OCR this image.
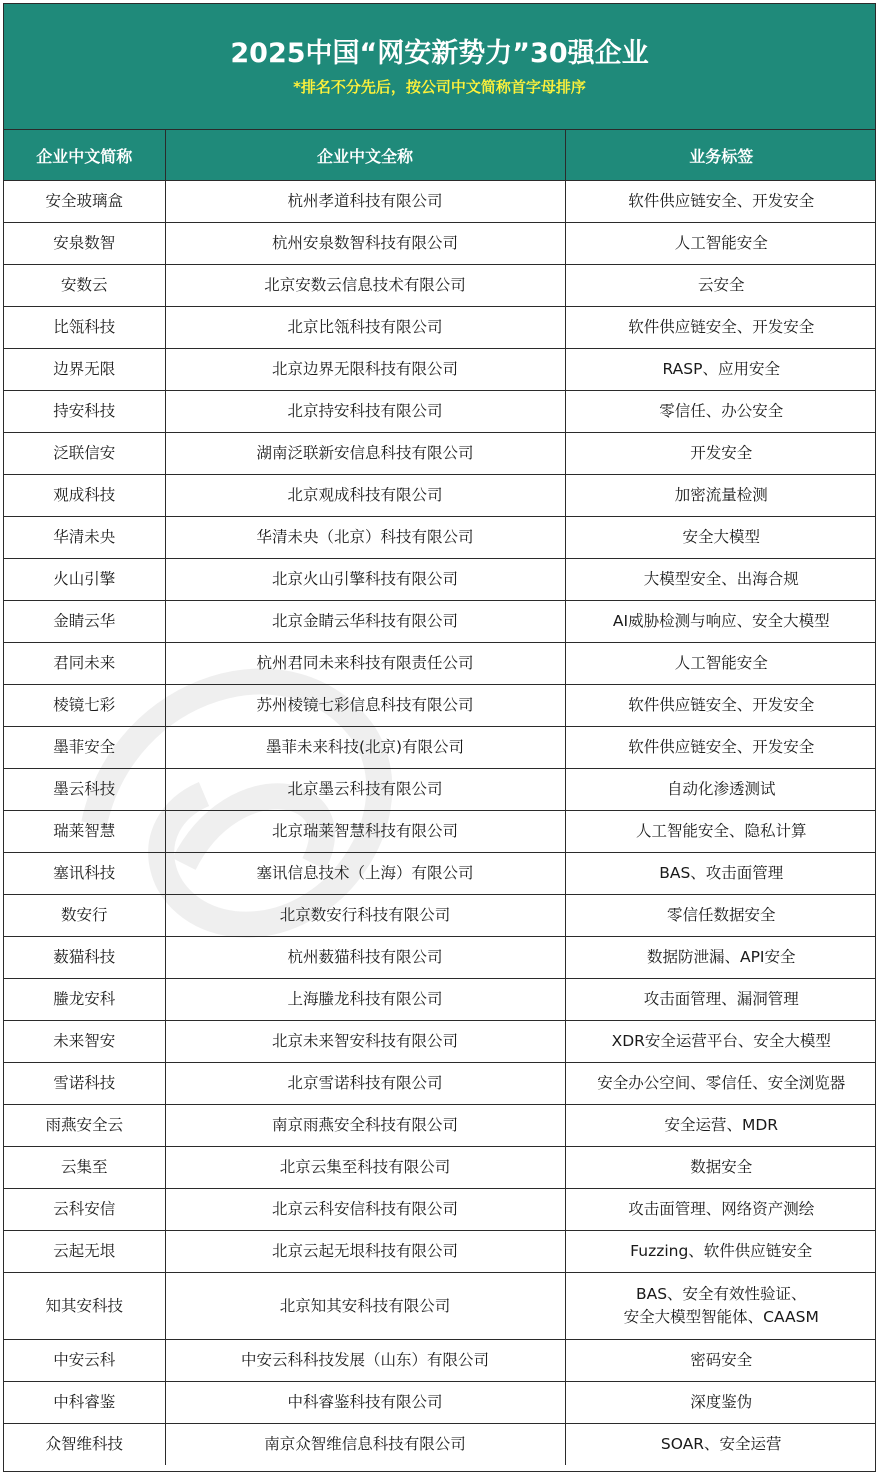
2025中国“网安新势力”30强企业
*排名不分先后，按公司中文简称首字母排序
企业中文简称	企业中文全称	业务标签
安全玻璃盒	杭州孝道科技有限公司	软件供应链安全、开发安全

安泉数智	杭州安泉数智科技有限公司	人工智能安全

安数云	北京安数云信息技术有限公司	云安全

比瓴科技	北京比瓴科技有限公司	软件供应链安全、开发安全

边界无限	北京边界无限科技有限公司	RASP、应用安全

持安科技	北京持安科技有限公司	零信任、办公安全

泛联信安	湖南泛联新安信息科技有限公司	开发安全

观成科技	北京观成科技有限公司	加密流量检测

华清未央	华清未央（北京）科技有限公司	安全大模型

火山引擎	北京火山引擎科技有限公司	大模型安全、出海合规

金睛云华	北京金睛云华科技有限公司	AI威胁检测与响应、安全大模型

君同未来	杭州君同未来科技有限责任公司	人工智能安全

棱镜七彩	苏州棱镜七彩信息科技有限公司	软件供应链安全、开发安全

墨菲安全	墨菲未来科技(北京)有限公司	软件供应链安全、开发安全

墨云科技	北京墨云科技有限公司	自动化渗透测试

瑞莱智慧	北京瑞莱智慧科技有限公司	人工智能安全、隐私计算

塞讯科技	塞讯信息技术（上海）有限公司	BAS、攻击面管理

数安行	北京数安行科技有限公司	零信任数据安全

薮猫科技	杭州薮猫科技有限公司	数据防泄漏、API安全

螣龙安科	上海螣龙科技有限公司	攻击面管理、漏洞管理

未来智安	北京未来智安科技有限公司	XDR安全运营平台、安全大模型

雪诺科技	北京雪诺科技有限公司	安全办公空间、零信任、安全浏览器

雨燕安全云	南京雨燕安全科技有限公司	安全运营、MDR

云集至	北京云集至科技有限公司	数据安全

云科安信	北京云科安信科技有限公司	攻击面管理、网络资产测绘

云起无垠	北京云起无垠科技有限公司	Fuzzing、软件供应链安全

知其安科技	北京知其安科技有限公司	BAS、安全有效性验证、
安全大模型智能体、CAASM

中安云科	中安云科科技发展（山东）有限公司	密码安全

中科睿鉴	中科睿鉴科技有限公司	深度鉴伪

众智维科技	南京众智维信息科技有限公司	SOAR、安全运营
